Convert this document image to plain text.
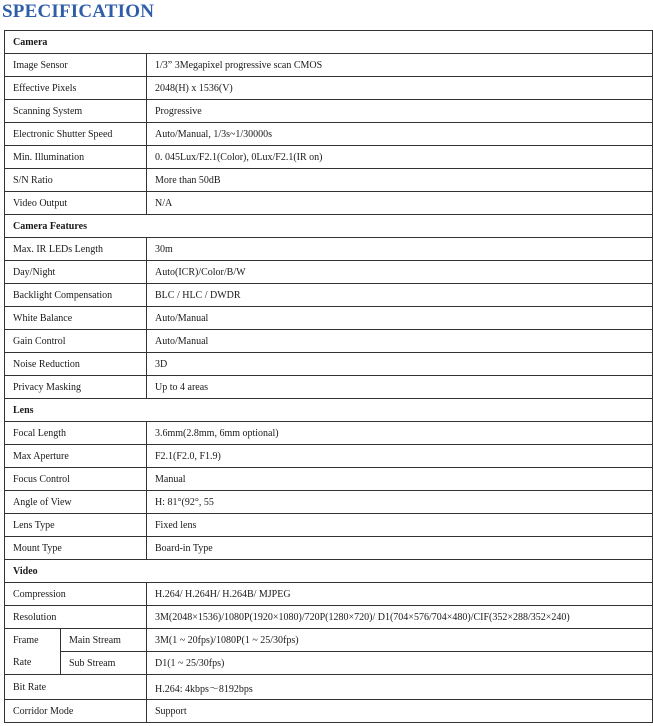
SPECIFICATION
Camera		
Image Sensor		1/3” 3Megapixel progressive scan CMOS
Effective Pixels		2048(H) x 1536(V)
Scanning System		Progressive
Electronic Shutter Speed		Auto/Manual, 1/3s~1/30000s
Min. Illumination		0. 045Lux/F2.1(Color), 0Lux/F2.1(IR on)
S/N Ratio		More than 50dB
Video Output		N/A
Camera Features		
Max. IR LEDs Length		30m
Day/Night		Auto(ICR)/Color/B/W
Backlight Compensation		BLC / HLC / DWDR
White Balance		Auto/Manual
Gain Control		Auto/Manual
Noise Reduction		3D
Privacy Masking		Up to 4 areas
Lens		
Focal Length		3.6mm(2.8mm, 6mm optional)
Max Aperture		F2.1(F2.0, F1.9)
Focus Control		Manual
Angle of View		H: 81°(92°, 55
Lens Type		Fixed lens
Mount Type		Board-in Type
Video		
Compression		H.264/ H.264H/ H.264B/ MJPEG
Resolution		3M(2048×1536)/1080P(1920×1080)/720P(1280×720)/ D1(704×576/704×480)/CIF(352×288/352×240)
Frame	Main Stream	3M(1 ~ 20fps)/1080P(1 ~ 25/30fps)
Rate	Sub Stream	D1(1 ~ 25/30fps)
Bit Rate		H.264: 4kbps〜8192bps
Corridor Mode		Support
